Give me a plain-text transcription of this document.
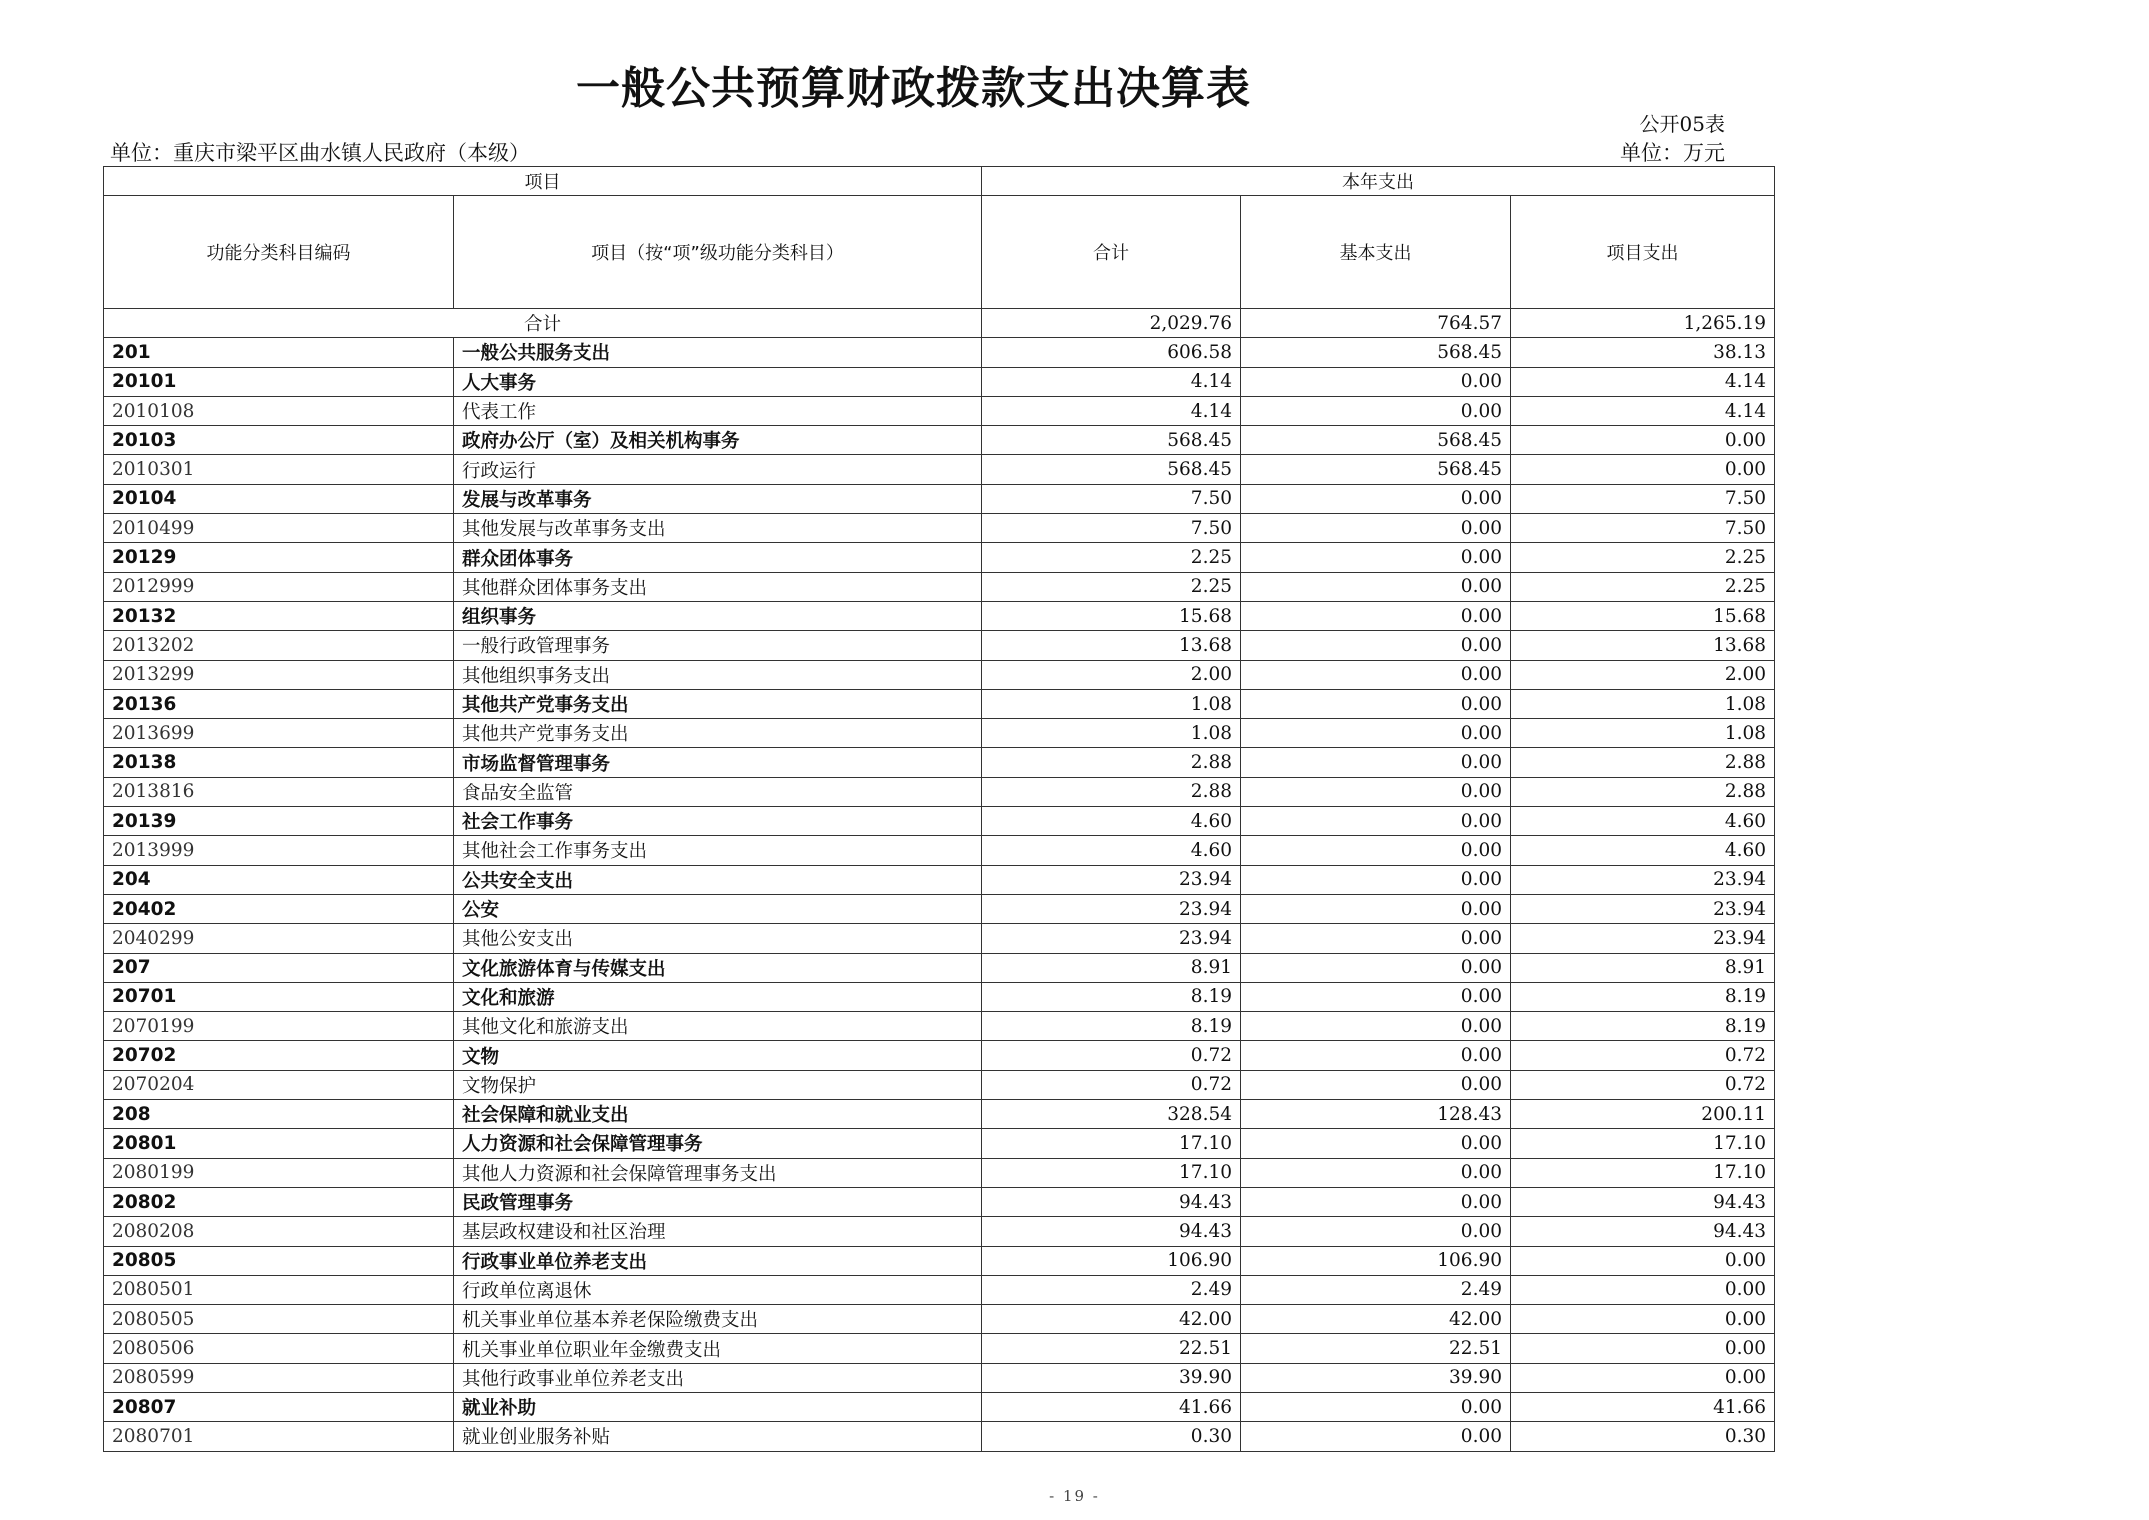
一般公共预算财政拨款支出决算表
公开05表
单位：重庆市梁平区曲水镇人民政府（本级）	单位：万元
项目		本年支出		
功能分类科目编码	项目（按“项”级功能分类科目）	合计	基本支出	项目支出
合计		2,029.76	764.57	1,265.19
201	一般公共服务支出	606.58	568.45	38.13
20101	人大事务	4.14	0.00	4.14
2010108	代表工作	4.14	0.00	4.14
20103	政府办公厅（室）及相关机构事务	568.45	568.45	0.00
2010301	行政运行	568.45	568.45	0.00
20104	发展与改革事务	7.50	0.00	7.50
2010499	其他发展与改革事务支出	7.50	0.00	7.50
20129	群众团体事务	2.25	0.00	2.25
2012999	其他群众团体事务支出	2.25	0.00	2.25
20132	组织事务	15.68	0.00	15.68
2013202	一般行政管理事务	13.68	0.00	13.68
2013299	其他组织事务支出	2.00	0.00	2.00
20136	其他共产党事务支出	1.08	0.00	1.08
2013699	其他共产党事务支出	1.08	0.00	1.08
20138	市场监督管理事务	2.88	0.00	2.88
2013816	食品安全监管	2.88	0.00	2.88
20139	社会工作事务	4.60	0.00	4.60
2013999	其他社会工作事务支出	4.60	0.00	4.60
204	公共安全支出	23.94	0.00	23.94
20402	公安	23.94	0.00	23.94
2040299	其他公安支出	23.94	0.00	23.94
207	文化旅游体育与传媒支出	8.91	0.00	8.91
20701	文化和旅游	8.19	0.00	8.19
2070199	其他文化和旅游支出	8.19	0.00	8.19
20702	文物	0.72	0.00	0.72
2070204	文物保护	0.72	0.00	0.72
208	社会保障和就业支出	328.54	128.43	200.11
20801	人力资源和社会保障管理事务	17.10	0.00	17.10
2080199	其他人力资源和社会保障管理事务支出	17.10	0.00	17.10
20802	民政管理事务	94.43	0.00	94.43
2080208	基层政权建设和社区治理	94.43	0.00	94.43
20805	行政事业单位养老支出	106.90	106.90	0.00
2080501	行政单位离退休	2.49	2.49	0.00
2080505	机关事业单位基本养老保险缴费支出	42.00	42.00	0.00
2080506	机关事业单位职业年金缴费支出	22.51	22.51	0.00
2080599	其他行政事业单位养老支出	39.90	39.90	0.00
20807	就业补助	41.66	0.00	41.66
2080701	就业创业服务补贴	0.30	0.00	0.30
- 19 -
